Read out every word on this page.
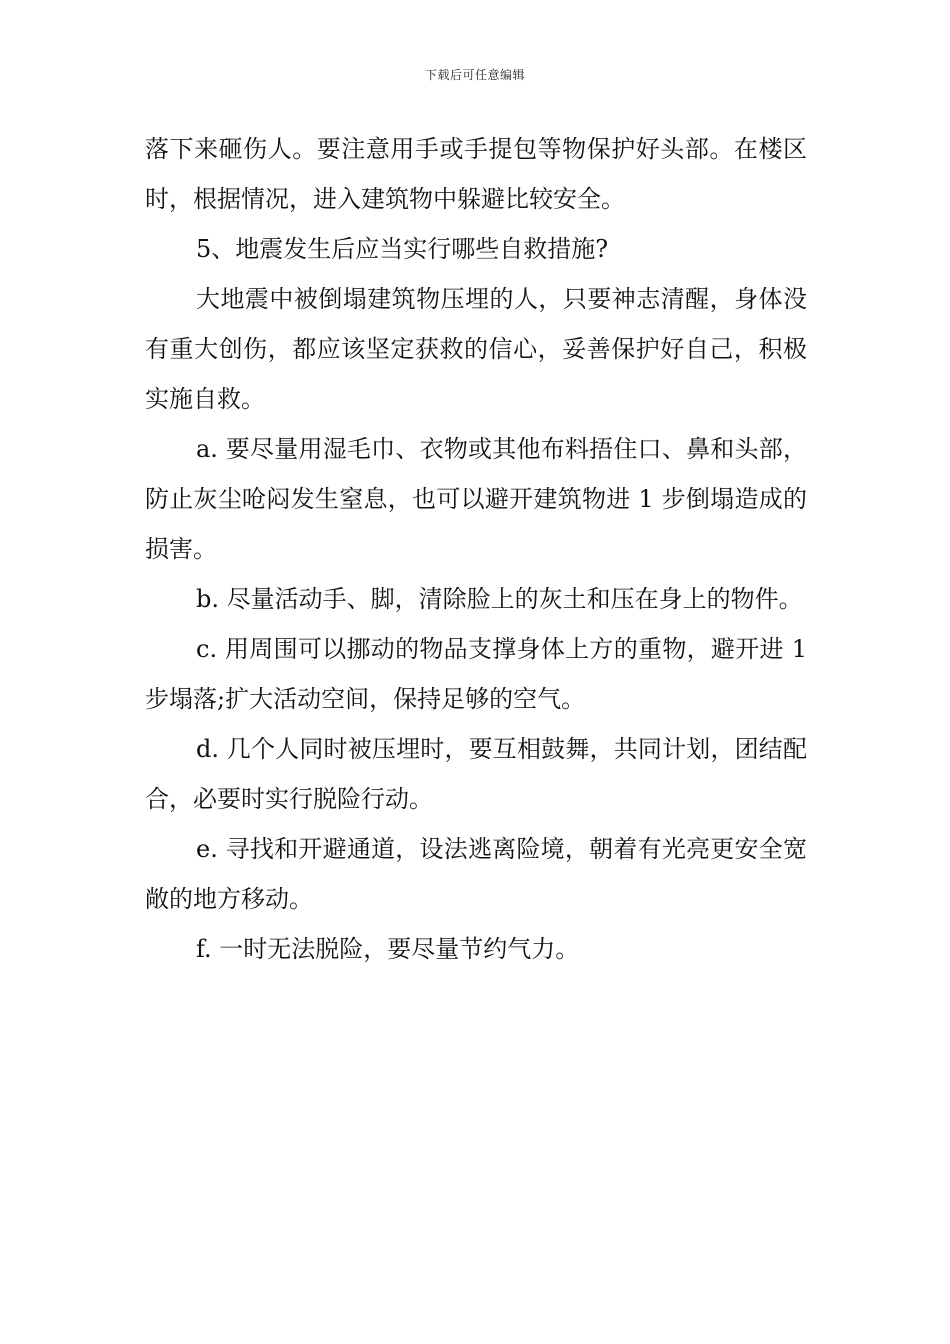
下载后可任意编辑

落下来砸伤人。要注意用手或手提包等物保护好头部。在楼区时，根据情况，进入建筑物中躲避比较安全。

5、地震发生后应当实行哪些自救措施?

大地震中被倒塌建筑物压埋的人，只要神志清醒，身体没有重大创伤，都应该坚定获救的信心，妥善保护好自己，积极实施自救。

a. 要尽量用湿毛巾、衣物或其他布料捂住口、鼻和头部，防止灰尘呛闷发生窒息，也可以避开建筑物进 1 步倒塌造成的损害。

b. 尽量活动手、脚，清除脸上的灰土和压在身上的物件。

c. 用周围可以挪动的物品支撑身体上方的重物，避开进 1 步塌落;扩大活动空间，保持足够的空气。

d. 几个人同时被压埋时，要互相鼓舞，共同计划，团结配合，必要时实行脱险行动。

e. 寻找和开避通道，设法逃离险境，朝着有光亮更安全宽敞的地方移动。

f. 一时无法脱险，要尽量节约气力。
